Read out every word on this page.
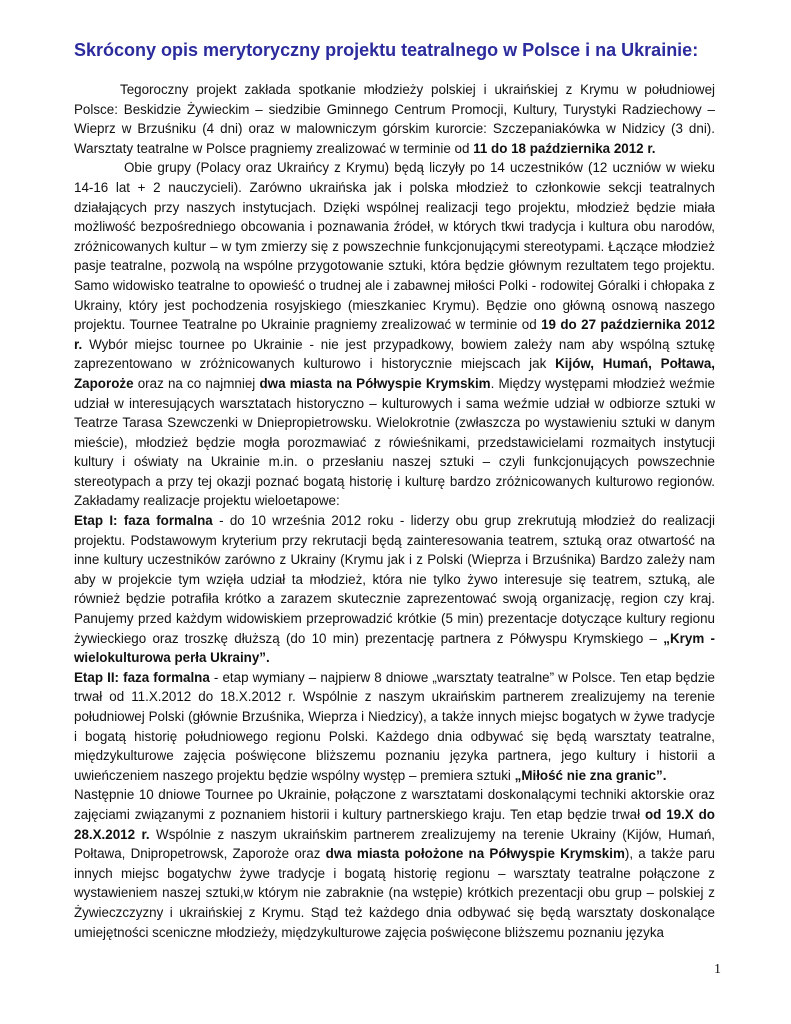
Skrócony opis merytoryczny projektu teatralnego w Polsce i na Ukrainie:

Tegoroczny projekt zakłada spotkanie młodzieży polskiej i ukraińskiej z Krymu w południowej Polsce: Beskidzie Żywieckim – siedzibie Gminnego Centrum Promocji, Kultury, Turystyki Radziechowy – Wieprz w Brzuśniku (4 dni) oraz w malowniczym górskim kurorcie: Szczepaniakówka w Nidzicy (3 dni). Warsztaty teatralne w Polsce pragniemy zrealizować w terminie od 11 do 18 października 2012 r.

Obie grupy (Polacy oraz Ukraińcy z Krymu) będą liczyły po 14 uczestników (12 uczniów w wieku 14-16 lat + 2 nauczycieli). Zarówno ukraińska jak i polska młodzież to członkowie sekcji teatralnych działających przy naszych instytucjach. Dzięki wspólnej realizacji tego projektu, młodzież będzie miała możliwość bezpośredniego obcowania i poznawania źródeł, w których tkwi tradycja i kultura obu narodów, zróżnicowanych kultur – w tym zmierzy się z powszechnie funkcjonującymi stereotypami. Łączące młodzież pasje teatralne, pozwolą na wspólne przygotowanie sztuki, która będzie głównym rezultatem tego projektu. Samo widowisko teatralne to opowieść o trudnej ale i zabawnej miłości Polki - rodowitej Góralki i chłopaka z Ukrainy, który jest pochodzenia rosyjskiego (mieszkaniec Krymu). Będzie ono główną osnową naszego projektu. Tournee Teatralne po Ukrainie pragniemy zrealizować w terminie od 19 do 27 października 2012 r. Wybór miejsc tournee po Ukrainie - nie jest przypadkowy, bowiem zależy nam aby wspólną sztukę zaprezentowano w zróżnicowanych kulturowo i historycznie miejscach jak Kijów, Humań, Połtawa, Zaporoże oraz na co najmniej dwa miasta na Półwyspie Krymskim. Między występami młodzież weźmie udział w interesujących warsztatach historyczno – kulturowych i sama weźmie udział w odbiorze sztuki w Teatrze Tarasa Szewczenki w Dniepropietrowsku. Wielokrotnie (zwłaszcza po wystawieniu sztuki w danym mieście), młodzież będzie mogła porozmawiać z rówieśnikami, przedstawicielami rozmaitych instytucji kultury i oświaty na Ukrainie m.in. o przesłaniu naszej sztuki – czyli funkcjonujących powszechnie stereotypach a przy tej okazji poznać bogatą historię i kulturę bardzo zróżnicowanych kulturowo regionów. Zakładamy realizacje projektu wieloetapowe:

Etap I: faza formalna - do 10 września 2012 roku - liderzy obu grup zrekrutują młodzież do realizacji projektu. Podstawowym kryterium przy rekrutacji będą zainteresowania teatrem, sztuką oraz otwartość na inne kultury uczestników zarówno z Ukrainy (Krymu jak i z Polski (Wieprza i Brzuśnika) Bardzo zależy nam aby w projekcie tym wzięła udział ta młodzież, która nie tylko żywo interesuje się teatrem, sztuką, ale również będzie potrafiła krótko a zarazem skutecznie zaprezentować swoją organizację, region czy kraj. Panujemy przed każdym widowiskiem przeprowadzić krótkie (5 min) prezentacje dotyczące kultury regionu żywieckiego oraz troszkę dłuższą (do 10 min) prezentację partnera z Półwyspu Krymskiego – „Krym - wielokulturowa perła Ukrainy”.

Etap II: faza formalna - etap wymiany – najpierw 8 dniowe „warsztaty teatralne” w Polsce. Ten etap będzie trwał od 11.X.2012 do 18.X.2012 r. Wspólnie z naszym ukraińskim partnerem zrealizujemy na terenie południowej Polski (głównie Brzuśnika, Wieprza i Niedzicy), a także innych miejsc bogatych w żywe tradycje i bogatą historię południowego regionu Polski. Każdego dnia odbywać się będą warsztaty teatralne, międzykulturowe zajęcia poświęcone bliższemu poznaniu języka partnera, jego kultury i historii a uwieńczeniem naszego projektu będzie wspólny występ – premiera sztuki „Miłość nie zna granic”.

Następnie 10 dniowe Tournee po Ukrainie, połączone z warsztatami doskonalącymi techniki aktorskie oraz zajęciami związanymi z poznaniem historii i kultury partnerskiego kraju. Ten etap będzie trwał od 19.X do 28.X.2012 r. Wspólnie z naszym ukraińskim partnerem zrealizujemy na terenie Ukrainy (Kijów, Humań, Połtawa, Dnipropetrowsk, Zaporoże oraz dwa miasta położone na Półwyspie Krymskim), a także paru innych miejsc bogatychw żywe tradycje i bogatą historię regionu – warsztaty teatralne połączone z wystawieniem naszej sztuki,w którym nie zabraknie (na wstępie) krótkich prezentacji obu grup – polskiej z Żywieczczyzny i ukraińskiej z Krymu. Stąd też każdego dnia odbywać się będą warsztaty doskonalące umiejętności sceniczne młodzieży, międzykulturowe zajęcia poświęcone bliższemu poznaniu języka

1
